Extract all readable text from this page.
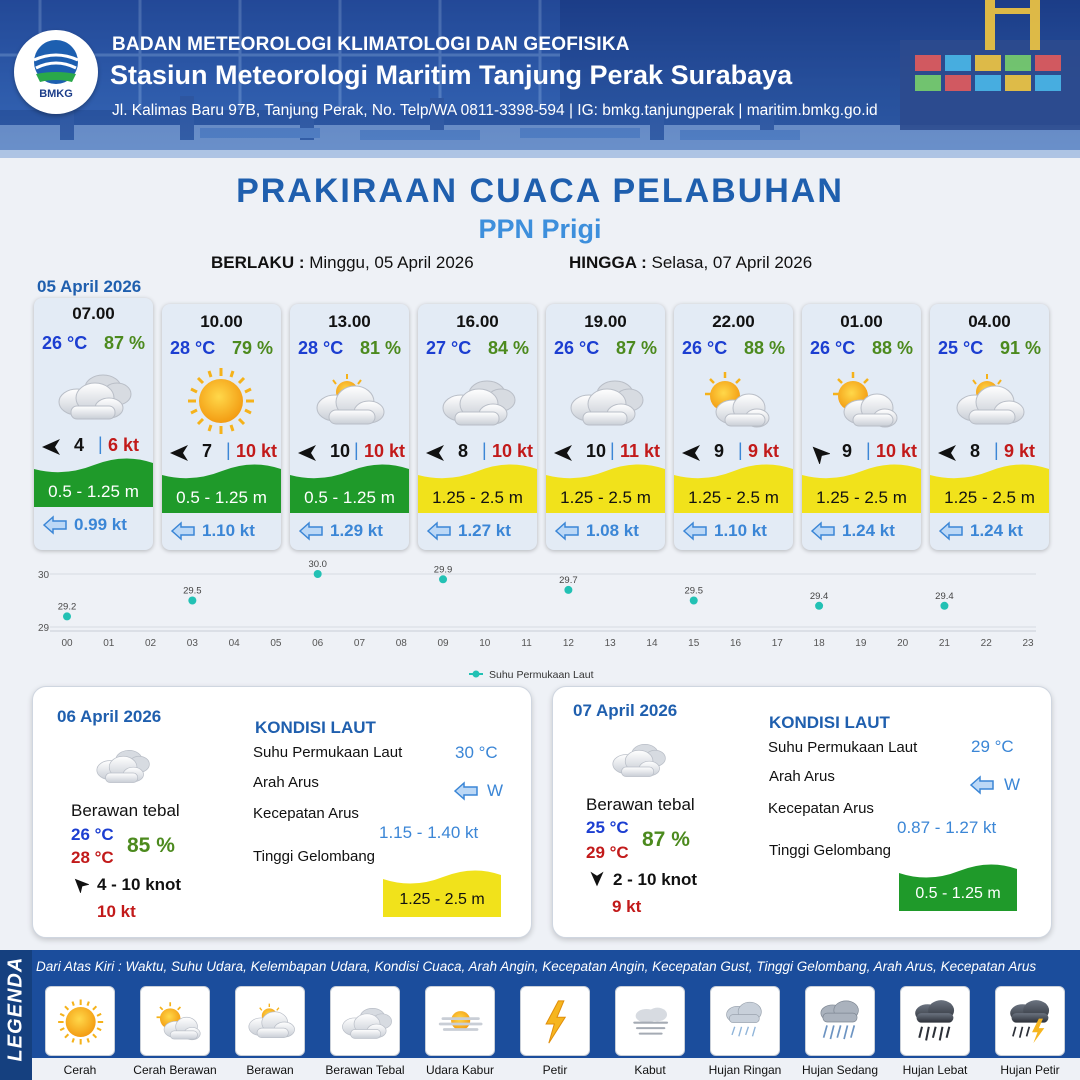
BMKG
BADAN METEOROLOGI KLIMATOLOGI DAN GEOFISIKA
Stasiun Meteorologi Maritim Tanjung Perak Surabaya
Jl. Kalimas Baru 97B, Tanjung Perak, No. Telp/WA 0811-3398-594 | IG: bmkg.tanjungperak | maritim.bmkg.go.id
PRAKIRAAN CUACA PELABUHAN
PPN Prigi
BERLAKU : Minggu, 05 April 2026	HINGGA : Selasa, 07 April 2026
05 April 2026
07.00
26 °C 87 %
4 | 6 kt
0.5 - 1.25 m
0.99 kt
10.00
28 °C 79 %
7 | 10 kt
0.5 - 1.25 m
1.10 kt
13.00
28 °C 81 %
10 | 10 kt
0.5 - 1.25 m
1.29 kt
16.00
27 °C 84 %
8 | 10 kt
1.25 - 2.5 m
1.27 kt
19.00
26 °C 87 %
10 | 11 kt
1.25 - 2.5 m
1.08 kt
22.00
26 °C 88 %
9 | 9 kt
1.25 - 2.5 m
1.10 kt
01.00
26 °C 88 %
9 | 10 kt
1.25 - 2.5 m
1.24 kt
04.00
25 °C 91 %
8 | 9 kt
1.25 - 2.5 m
1.24 kt
29
30
00	01	02	03	04	05	06	07	08	09	10	11	12	13	14	15	16	17	18	19	20	21	22	23
29.2
29.5
30.0	29.9
29.7
29.5	29.4	29.4
Suhu Permukaan Laut
06 April 2026
Berawan tebal
26 °C
28 °C
85 %
4 - 10 knot
10 kt
KONDISI LAUT
Suhu Permukaan Laut	30 °C
Arah Arus	W
Kecepatan Arus
1.15 - 1.40 kt
Tinggi Gelombang
1.25 - 2.5 m
07 April 2026
Berawan tebal
25 °C
29 °C
87 %
2 - 10 knot
9 kt
KONDISI LAUT
Suhu Permukaan Laut	29 °C
Arah Arus	W
Kecepatan Arus
0.87 - 1.27 kt
Tinggi Gelombang
0.5 - 1.25 m
LEGENDA Dari Atas Kiri : Waktu, Suhu Udara, Kelembapan Udara, Kondisi Cuaca, Arah Angin, Kecepatan Angin, Kecepatan Gust, Tinggi Gelombang, Arah Arus, Kecepatan Arus
Cerah	Cerah Berawan	Berawan	Berawan Tebal	Udara Kabur	Petir	Kabut	Hujan Ringan	Hujan Sedang	Hujan Lebat	Hujan Petir
